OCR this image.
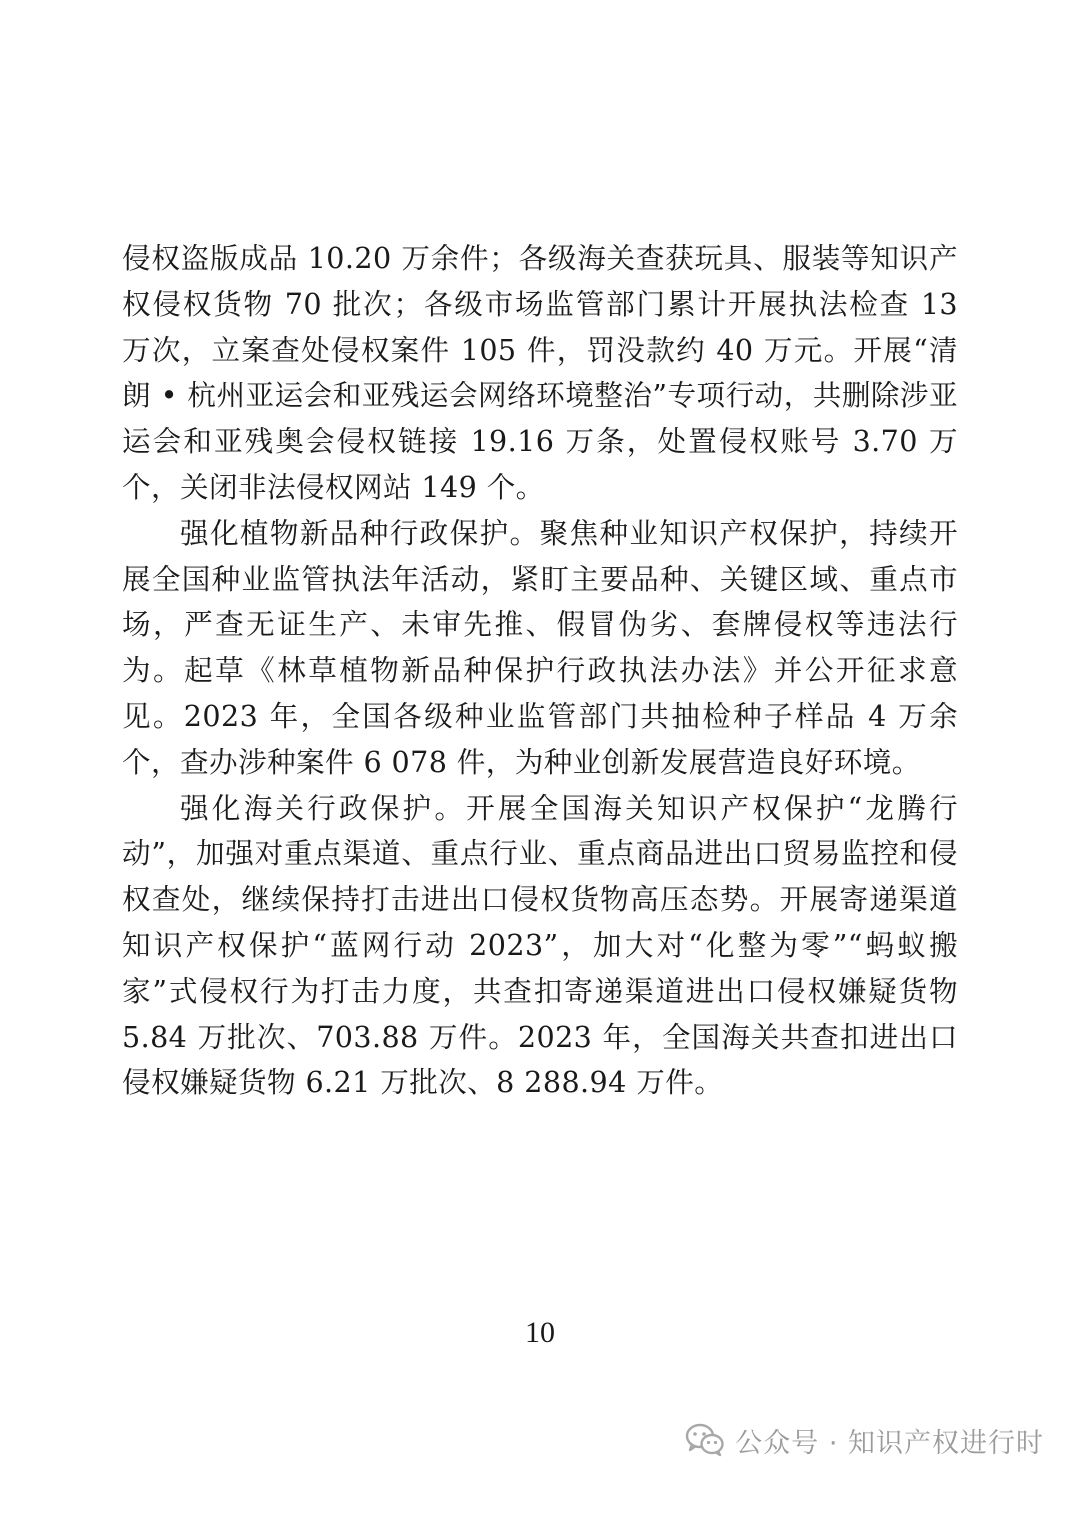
侵权盗版成品 10.20 万余件；各级海关查获玩具、服装等知识产权侵权货物 70 批次；各级市场监管部门累计开展执法检查 13 万次，立案查处侵权案件 105 件，罚没款约 40 万元。开展“清朗 • 杭州亚运会和亚残运会网络环境整治”专项行动，共删除涉亚运会和亚残奥会侵权链接 19.16 万条，处置侵权账号 3.70 万个，关闭非法侵权网站 149 个。

强化植物新品种行政保护。聚焦种业知识产权保护，持续开展全国种业监管执法年活动，紧盯主要品种、关键区域、重点市场，严查无证生产、未审先推、假冒伪劣、套牌侵权等违法行为。起草《林草植物新品种保护行政执法办法》并公开征求意见。2023 年，全国各级种业监管部门共抽检种子样品 4 万余个，查办涉种案件 6 078 件，为种业创新发展营造良好环境。

强化海关行政保护。开展全国海关知识产权保护“龙腾行动”，加强对重点渠道、重点行业、重点商品进出口贸易监控和侵权查处，继续保持打击进出口侵权货物高压态势。开展寄递渠道知识产权保护“蓝网行动 2023”，加大对“化整为零”“蚂蚁搬家”式侵权行为打击力度，共查扣寄递渠道进出口侵权嫌疑货物 5.84 万批次、703.88 万件。2023 年，全国海关共查扣进出口侵权嫌疑货物 6.21 万批次、8 288.94 万件。

10
公众号 · 知识产权进行时
